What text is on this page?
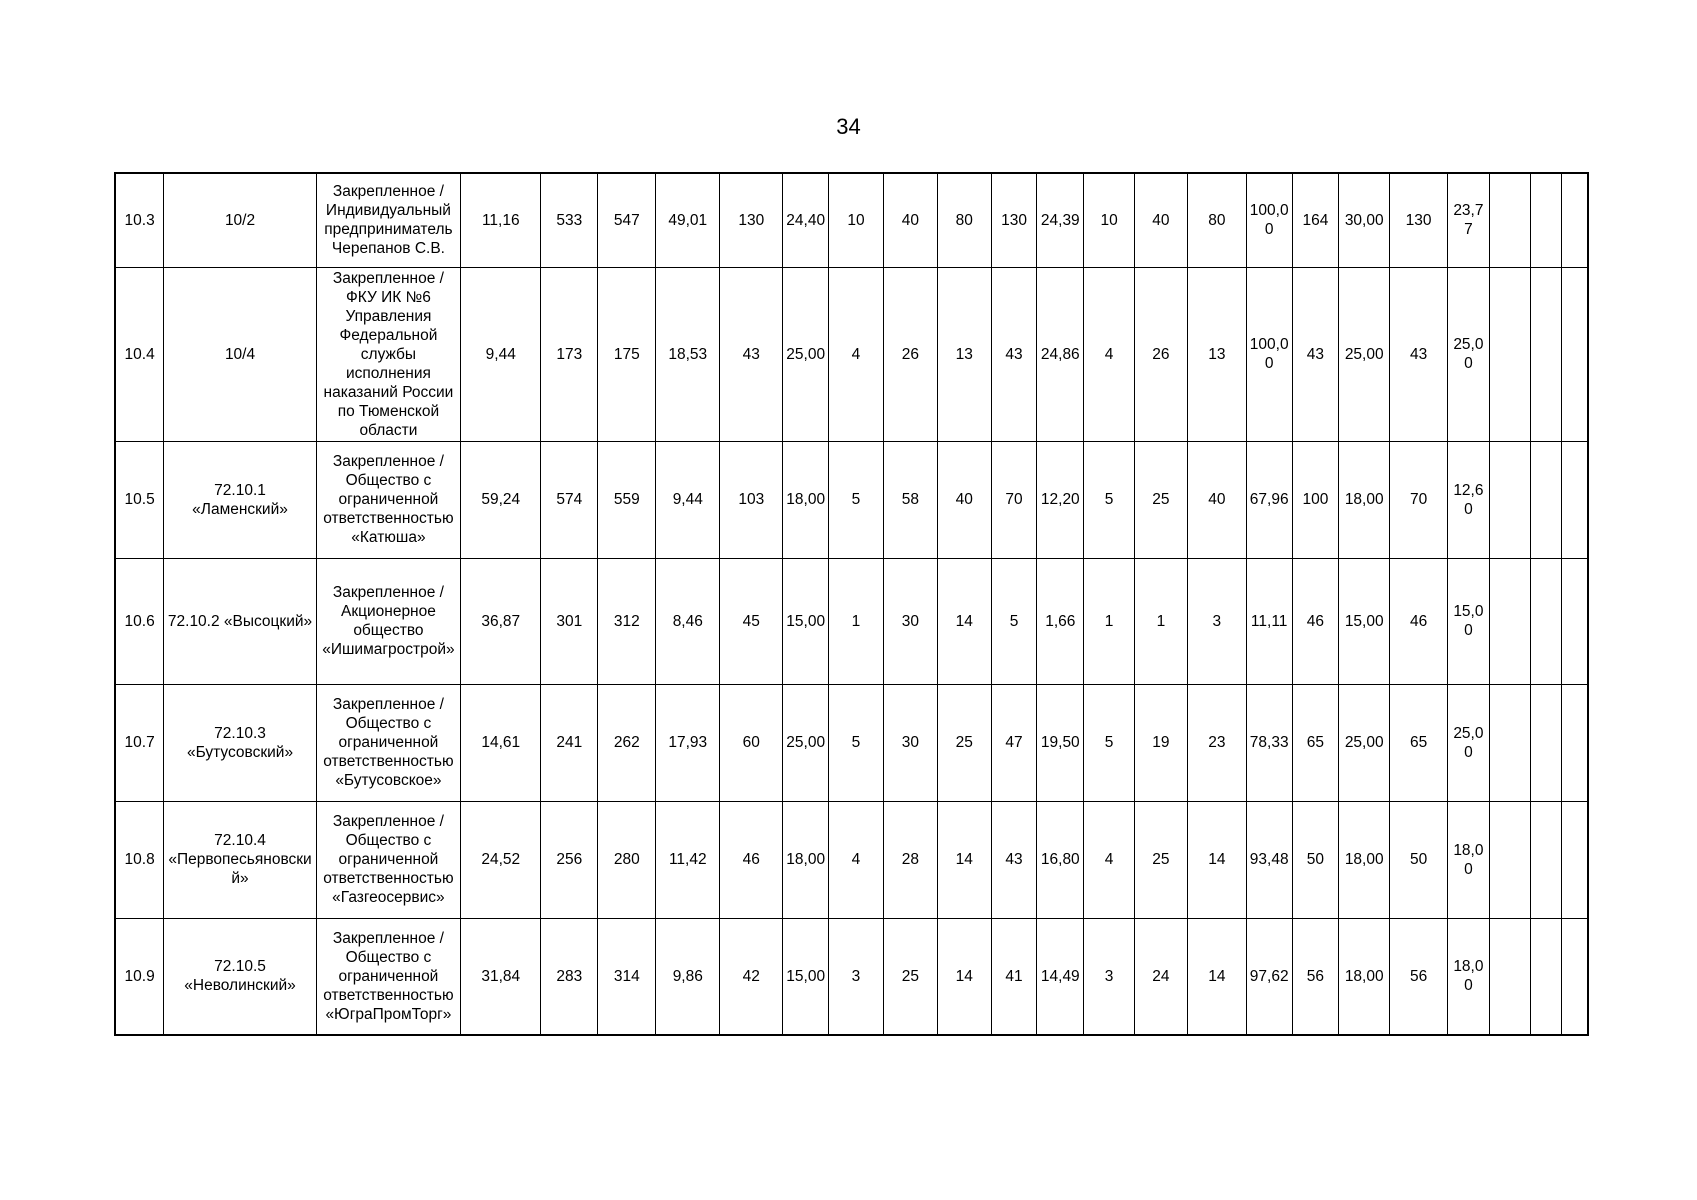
34
10.3	10/2	Закрепленное / Индивидуальный предприниматель Черепанов С.В.	11,16	533	547	49,01	130	24,40	10	40	80	130	24,39	10	40	80	100,00	164	30,00	130	23,77			
10.4	10/4	Закрепленное / ФКУ ИК №6 Управления Федеральной службы исполнения наказаний России по Тюменской области	9,44	173	175	18,53	43	25,00	4	26	13	43	24,86	4	26	13	100,00	43	25,00	43	25,00			
10.5	72.10.1 «Ламенский»	Закрепленное / Общество с ограниченной ответственностью «Катюша»	59,24	574	559	9,44	103	18,00	5	58	40	70	12,20	5	25	40	67,96	100	18,00	70	12,60			
10.6	72.10.2 «Высоцкий»	Закрепленное / Акционерное общество «Ишимагрострой»	36,87	301	312	8,46	45	15,00	1	30	14	5	1,66	1	1	3	11,11	46	15,00	46	15,00			
10.7	72.10.3 «Бутусовский»	Закрепленное / Общество с ограниченной ответственностью «Бутусовское»	14,61	241	262	17,93	60	25,00	5	30	25	47	19,50	5	19	23	78,33	65	25,00	65	25,00			
10.8	72.10.4 «Первопесьяновский»	Закрепленное / Общество с ограниченной ответственностью «Газгеосервис»	24,52	256	280	11,42	46	18,00	4	28	14	43	16,80	4	25	14	93,48	50	18,00	50	18,00			
10.9	72.10.5 «Неволинский»	Закрепленное / Общество с ограниченной ответственностью «ЮграПромТорг»	31,84	283	314	9,86	42	15,00	3	25	14	41	14,49	3	24	14	97,62	56	18,00	56	18,00			
